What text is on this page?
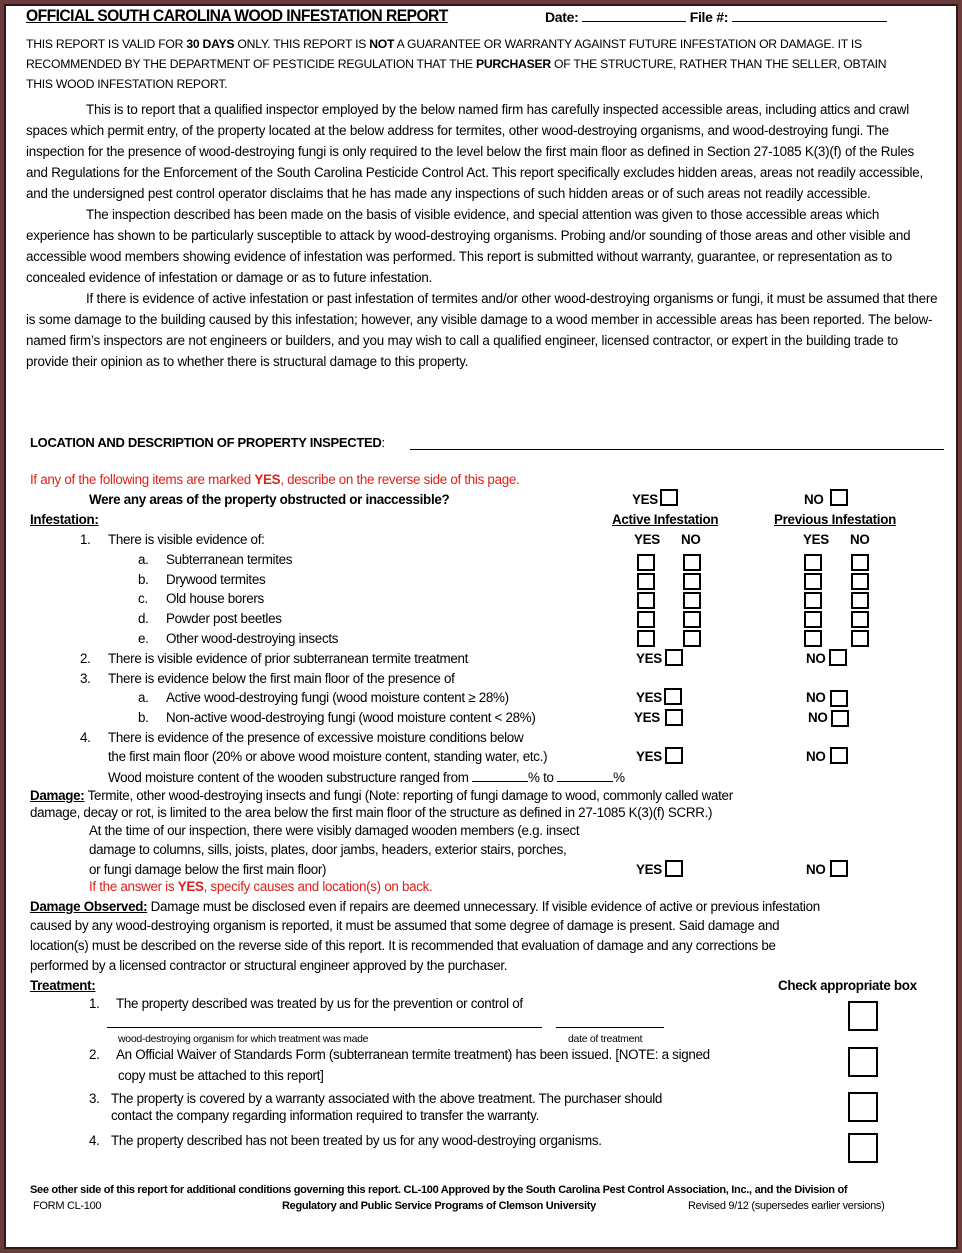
OFFICIAL SOUTH CAROLINA WOOD INFESTATION REPORT	Date:	File #:
THIS REPORT IS VALID FOR 30 DAYS ONLY. THIS REPORT IS NOT A GUARANTEE OR WARRANTY AGAINST FUTURE INFESTATION OR DAMAGE. IT IS
RECOMMENDED BY THE DEPARTMENT OF PESTICIDE REGULATION THAT THE PURCHASER OF THE STRUCTURE, RATHER THAN THE SELLER, OBTAIN
THIS WOOD INFESTATION REPORT.

This is to report that a qualified inspector employed by the below named firm has carefully inspected accessible areas, including attics and crawl spaces which permit entry, of the property located at the below address for termites, other wood-destroying organisms, and wood-destroying fungi. The inspection for the presence of wood-destroying fungi is only required to the level below the first main floor as defined in Section 27-1085 K(3)(f) of the Rules and Regulations for the Enforcement of the South Carolina Pesticide Control Act. This report specifically excludes hidden areas, areas not readily accessible, and the undersigned pest control operator disclaims that he has made any inspections of such hidden areas or of such areas not readily accessible.

The inspection described has been made on the basis of visible evidence, and special attention was given to those accessible areas which experience has shown to be particularly susceptible to attack by wood-destroying organisms. Probing and/or sounding of those areas and other visible and accessible wood members showing evidence of infestation was performed. This report is submitted without warranty, guarantee, or representation as to concealed evidence of infestation or damage or as to future infestation.

If there is evidence of active infestation or past infestation of termites and/or other wood-destroying organisms or fungi, it must be assumed that there is some damage to the building caused by this infestation; however, any visible damage to a wood member in accessible areas has been reported. The below-named firm’s inspectors are not engineers or builders, and you may wish to call a qualified engineer, licensed contractor, or expert in the building trade to provide their opinion as to whether there is structural damage to this property.

LOCATION AND DESCRIPTION OF PROPERTY INSPECTED:
If any of the following items are marked YES, describe on the reverse side of this page.
Were any areas of the property obstructed or inaccessible?	YES	NO
Infestation:	Active Infestation	Previous Infestation
1. There is visible evidence of:	YES NO	YES NO
a. Subterranean termites
b. Drywood termites
c. Old house borers
d. Powder post beetles
e. Other wood-destroying insects
2. There is visible evidence of prior subterranean termite treatment	YES	NO
3. There is evidence below the first main floor of the presence of
a. Active wood-destroying fungi (wood moisture content ≥ 28%)	YES	NO
b. Non-active wood-destroying fungi (wood moisture content < 28%)	YES	NO
4. There is evidence of the presence of excessive moisture conditions below
the first main floor (20% or above wood moisture content, standing water, etc.)	YES	NO
Wood moisture content of the wooden substructure ranged from	% to	%
Damage: Termite, other wood-destroying insects and fungi (Note: reporting of fungi damage to wood, commonly called water
damage, decay or rot, is limited to the area below the first main floor of the structure as defined in 27-1085 K(3)(f) SCRR.)
At the time of our inspection, there were visibly damaged wooden members (e.g. insect
damage to columns, sills, joists, plates, door jambs, headers, exterior stairs, porches,
or fungi damage below the first main floor)	YES	NO
If the answer is YES, specify causes and location(s) on back.
Damage Observed: Damage must be disclosed even if repairs are deemed unnecessary. If visible evidence of active or previous infestation
caused by any wood-destroying organism is reported, it must be assumed that some degree of damage is present. Said damage and
location(s) must be described on the reverse side of this report. It is recommended that evaluation of damage and any corrections be
performed by a licensed contractor or structural engineer approved by the purchaser.
Treatment:	Check appropriate box
1. The property described was treated by us for the prevention or control of
wood-destroying organism for which treatment was made	date of treatment
2. An Official Waiver of Standards Form (subterranean termite treatment) has been issued. [NOTE: a signed
copy must be attached to this report]
3. The property is covered by a warranty associated with the above treatment. The purchaser should
contact the company regarding information required to transfer the warranty.
4. The property described has not been treated by us for any wood-destroying organisms.
See other side of this report for additional conditions governing this report. CL-100 Approved by the South Carolina Pest Control Association, Inc., and the Division of
FORM CL-100	Regulatory and Public Service Programs of Clemson University	Revised 9/12 (supersedes earlier versions)
